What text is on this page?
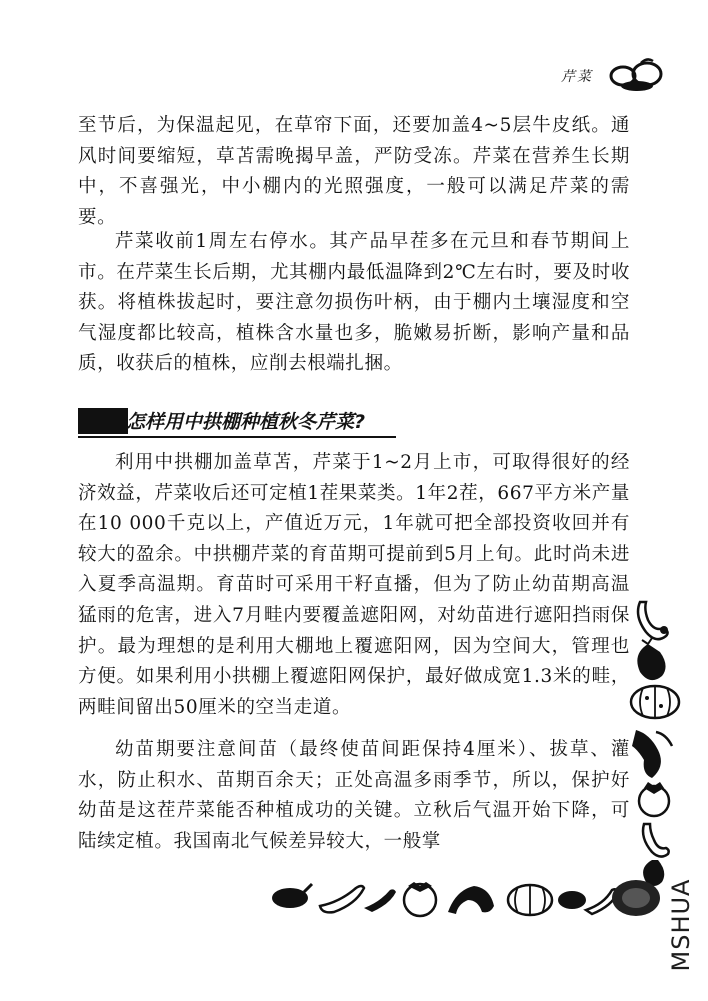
芹菜

至节后，为保温起见，在草帘下面，还要加盖4~5层牛皮纸。通风时间要缩短，草苫需晚揭早盖，严防受冻。芹菜在营养生长期中，不喜强光，中小棚内的光照强度，一般可以满足芹菜的需要。

芹菜收前1周左右停水。其产品早茬多在元旦和春节期间上市。在芹菜生长后期，尤其棚内最低温降到2℃左右时，要及时收获。将植株拔起时，要注意勿损伤叶柄，由于棚内土壤湿度和空气湿度都比较高，植株含水量也多，脆嫩易折断，影响产量和品质，收获后的植株，应削去根端扎捆。

怎样用中拱棚种植秋冬芹菜?

利用中拱棚加盖草苫，芹菜于1~2月上市，可取得很好的经济效益，芹菜收后还可定植1茬果菜类。1年2茬，667平方米产量在10 000千克以上，产值近万元，1年就可把全部投资收回并有较大的盈余。中拱棚芹菜的育苗期可提前到5月上旬。此时尚未进入夏季高温期。育苗时可采用干籽直播，但为了防止幼苗期高温猛雨的危害，进入7月畦内要覆盖遮阳网，对幼苗进行遮阳挡雨保护。最为理想的是利用大棚地上覆遮阳网，因为空间大，管理也方便。如果利用小拱棚上覆遮阳网保护，最好做成宽1.3米的畦，两畦间留出50厘米的空当走道。

幼苗期要注意间苗（最终使苗间距保持4厘米）、拔草、灌水，防止积水、苗期百余天；正处高温多雨季节，所以，保护好幼苗是这茬芹菜能否种植成功的关键。立秋后气温开始下降，可陆续定植。我国南北气候差异较大，一般掌

MSHUA
